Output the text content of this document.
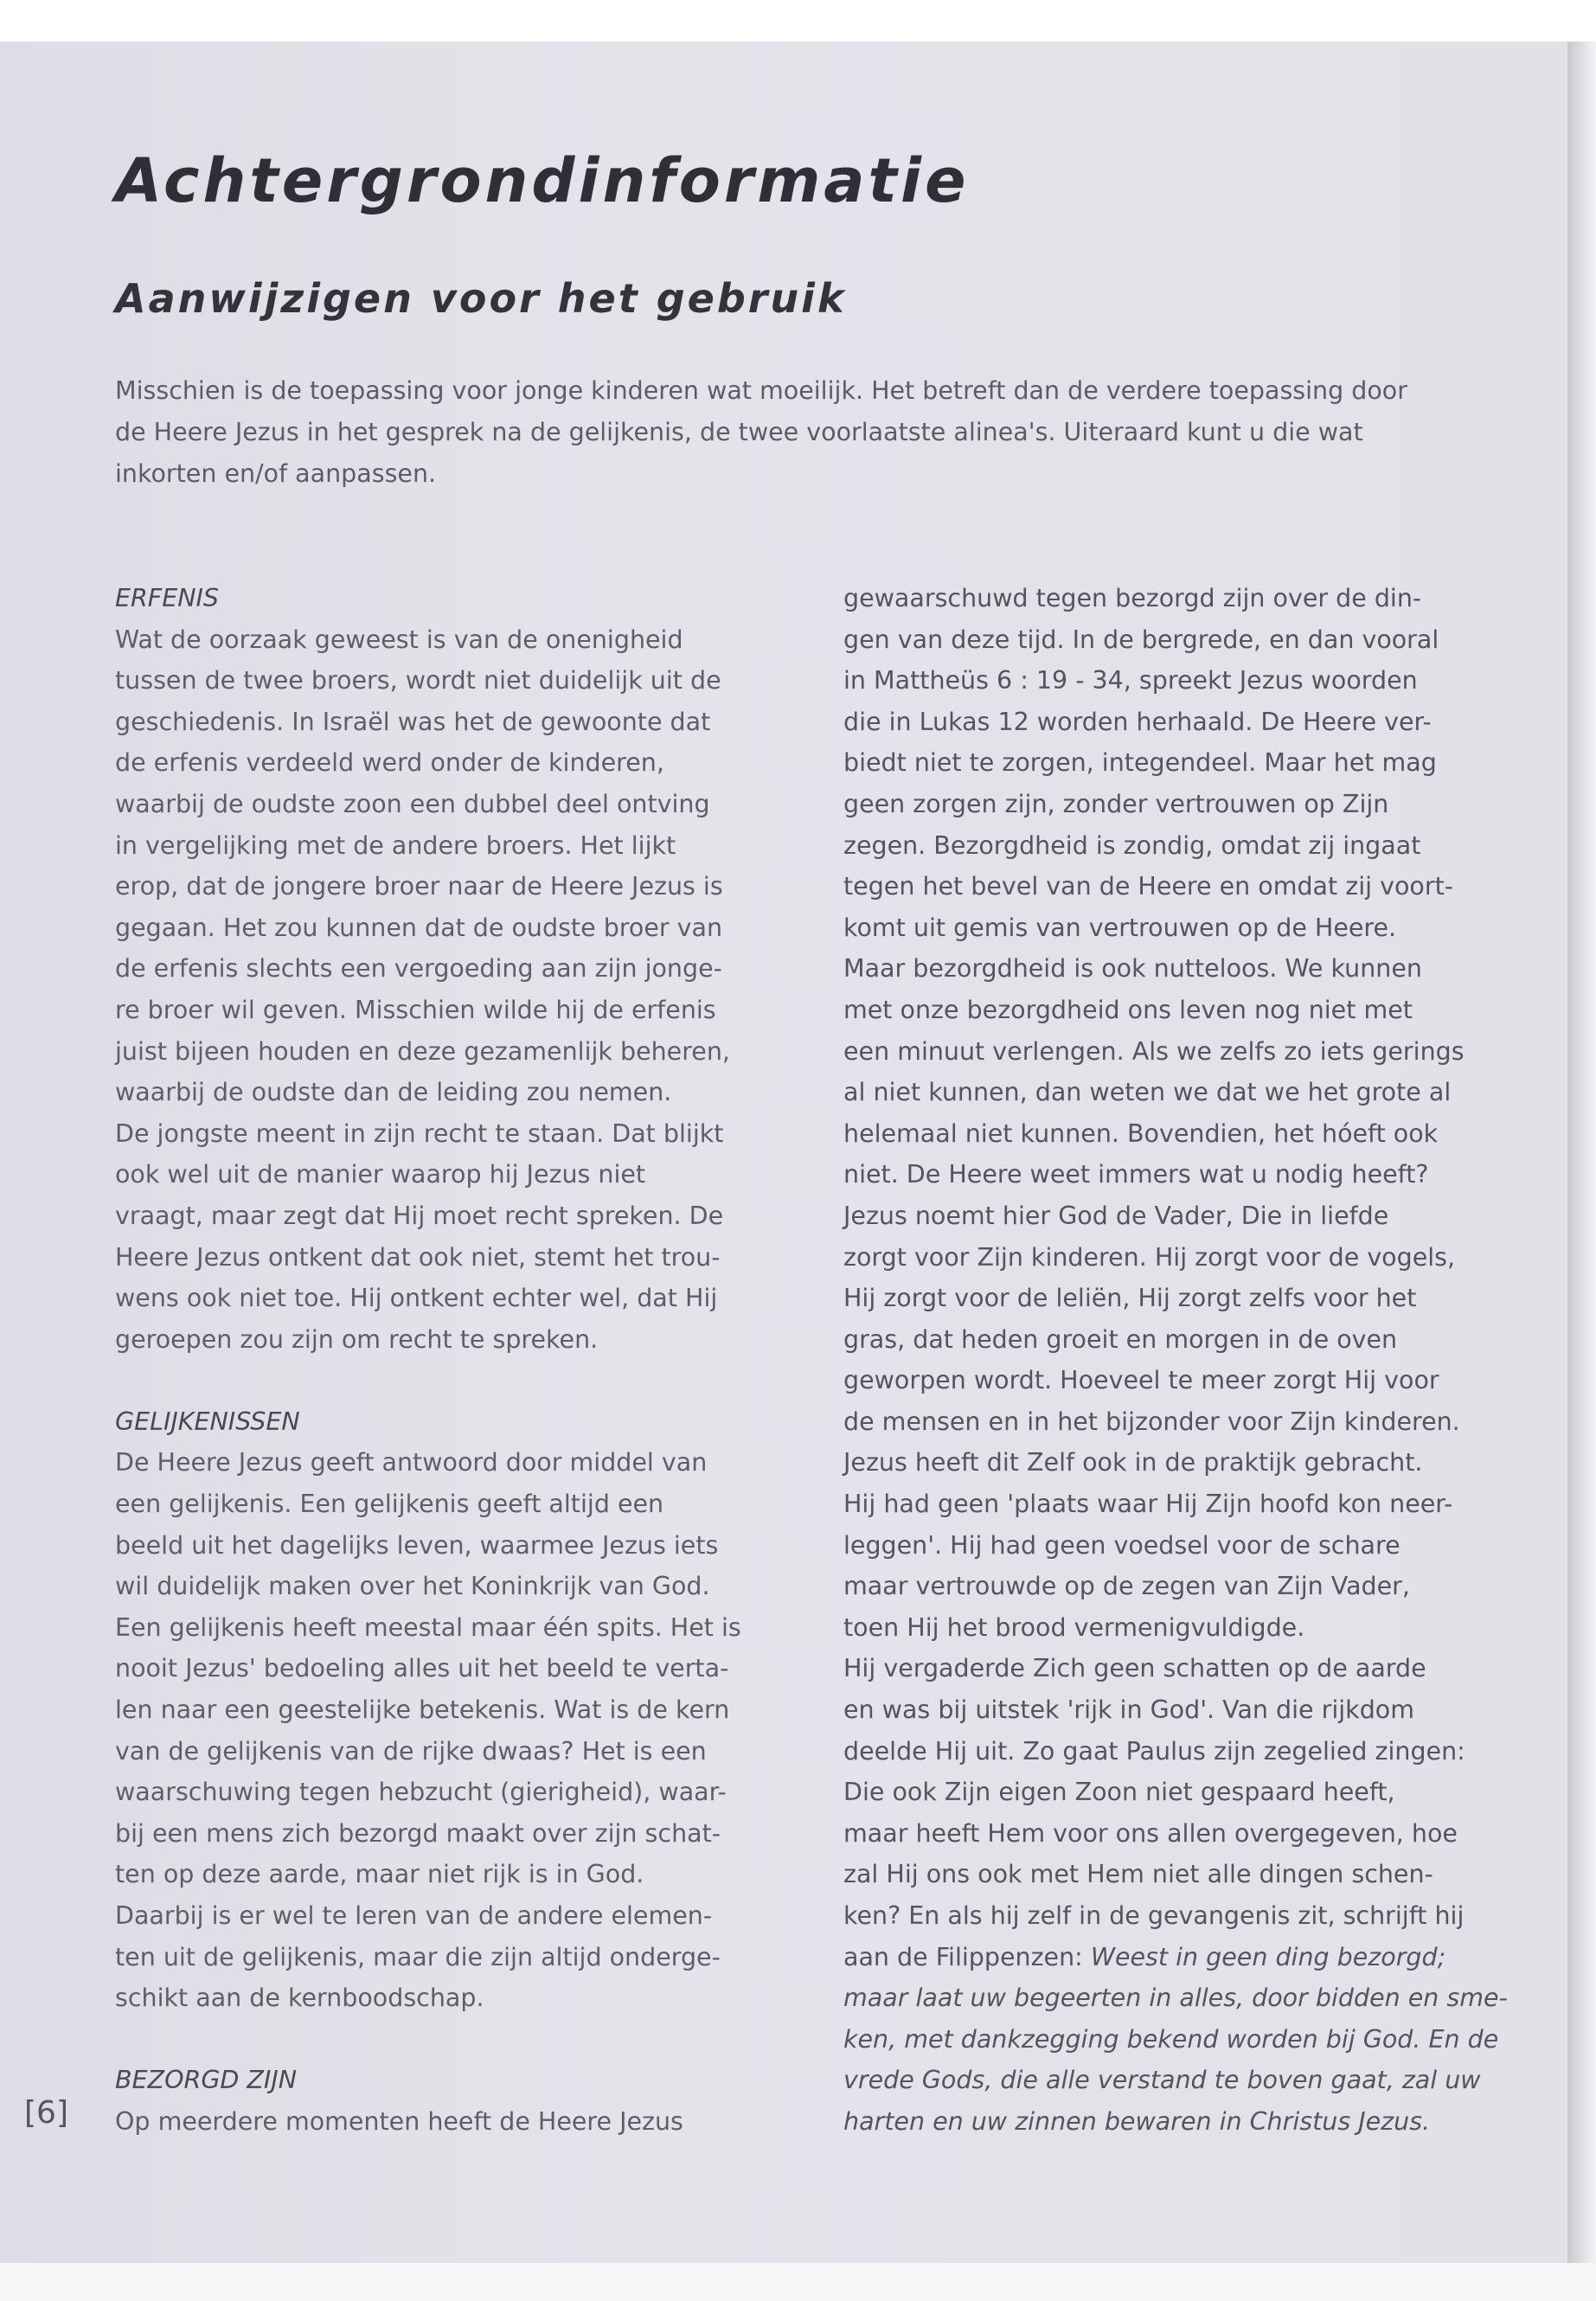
Achtergrondinformatie
Aanwijzigen voor het gebruik
Misschien is de toepassing voor jonge kinderen wat moeilijk. Het betreft dan de verdere toepassing door
de Heere Jezus in het gesprek na de gelijkenis, de twee voorlaatste alinea's. Uiteraard kunt u die wat
inkorten en/of aanpassen.

ERFENIS

Wat de oorzaak geweest is van de onenigheid

tussen de twee broers, wordt niet duidelijk uit de

geschiedenis. In Israël was het de gewoonte dat

de erfenis verdeeld werd onder de kinderen,

waarbij de oudste zoon een dubbel deel ontving

in vergelijking met de andere broers. Het lijkt

erop, dat de jongere broer naar de Heere Jezus is

gegaan. Het zou kunnen dat de oudste broer van

de erfenis slechts een vergoeding aan zijn jonge-

re broer wil geven. Misschien wilde hij de erfenis

juist bijeen houden en deze gezamenlijk beheren,

waarbij de oudste dan de leiding zou nemen.

De jongste meent in zijn recht te staan. Dat blijkt

ook wel uit de manier waarop hij Jezus niet

vraagt, maar zegt dat Hij moet recht spreken. De

Heere Jezus ontkent dat ook niet, stemt het trou-

wens ook niet toe. Hij ontkent echter wel, dat Hij

geroepen zou zijn om recht te spreken.

GELIJKENISSEN

De Heere Jezus geeft antwoord door middel van

een gelijkenis. Een gelijkenis geeft altijd een

beeld uit het dagelijks leven, waarmee Jezus iets

wil duidelijk maken over het Koninkrijk van God.

Een gelijkenis heeft meestal maar één spits. Het is

nooit Jezus' bedoeling alles uit het beeld te verta-

len naar een geestelijke betekenis. Wat is de kern

van de gelijkenis van de rijke dwaas? Het is een

waarschuwing tegen hebzucht (gierigheid), waar-

bij een mens zich bezorgd maakt over zijn schat-

ten op deze aarde, maar niet rijk is in God.

Daarbij is er wel te leren van de andere elemen-

ten uit de gelijkenis, maar die zijn altijd onderge-

schikt aan de kernboodschap.

BEZORGD ZIJN

Op meerdere momenten heeft de Heere Jezus

gewaarschuwd tegen bezorgd zijn over de din-

gen van deze tijd. In de bergrede, en dan vooral

in Mattheüs 6 : 19 - 34, spreekt Jezus woorden

die in Lukas 12 worden herhaald. De Heere ver-

biedt niet te zorgen, integendeel. Maar het mag

geen zorgen zijn, zonder vertrouwen op Zijn

zegen. Bezorgdheid is zondig, omdat zij ingaat

tegen het bevel van de Heere en omdat zij voort-

komt uit gemis van vertrouwen op de Heere.

Maar bezorgdheid is ook nutteloos. We kunnen

met onze bezorgdheid ons leven nog niet met

een minuut verlengen. Als we zelfs zo iets gerings

al niet kunnen, dan weten we dat we het grote al

helemaal niet kunnen. Bovendien, het hóeft ook

niet. De Heere weet immers wat u nodig heeft?

Jezus noemt hier God de Vader, Die in liefde

zorgt voor Zijn kinderen. Hij zorgt voor de vogels,

Hij zorgt voor de leliën, Hij zorgt zelfs voor het

gras, dat heden groeit en morgen in de oven

geworpen wordt. Hoeveel te meer zorgt Hij voor

de mensen en in het bijzonder voor Zijn kinderen.

Jezus heeft dit Zelf ook in de praktijk gebracht.

Hij had geen 'plaats waar Hij Zijn hoofd kon neer-

leggen'. Hij had geen voedsel voor de schare

maar vertrouwde op de zegen van Zijn Vader,

toen Hij het brood vermenigvuldigde.

Hij vergaderde Zich geen schatten op de aarde

en was bij uitstek 'rijk in God'. Van die rijkdom

deelde Hij uit. Zo gaat Paulus zijn zegelied zingen:

Die ook Zijn eigen Zoon niet gespaard heeft,

maar heeft Hem voor ons allen overgegeven, hoe

zal Hij ons ook met Hem niet alle dingen schen-

ken? En als hij zelf in de gevangenis zit, schrijft hij

aan de Filippenzen: Weest in geen ding bezorgd;

maar laat uw begeerten in alles, door bidden en sme-

ken, met dankzegging bekend worden bij God. En de

vrede Gods, die alle verstand te boven gaat, zal uw

harten en uw zinnen bewaren in Christus Jezus.

[6]
